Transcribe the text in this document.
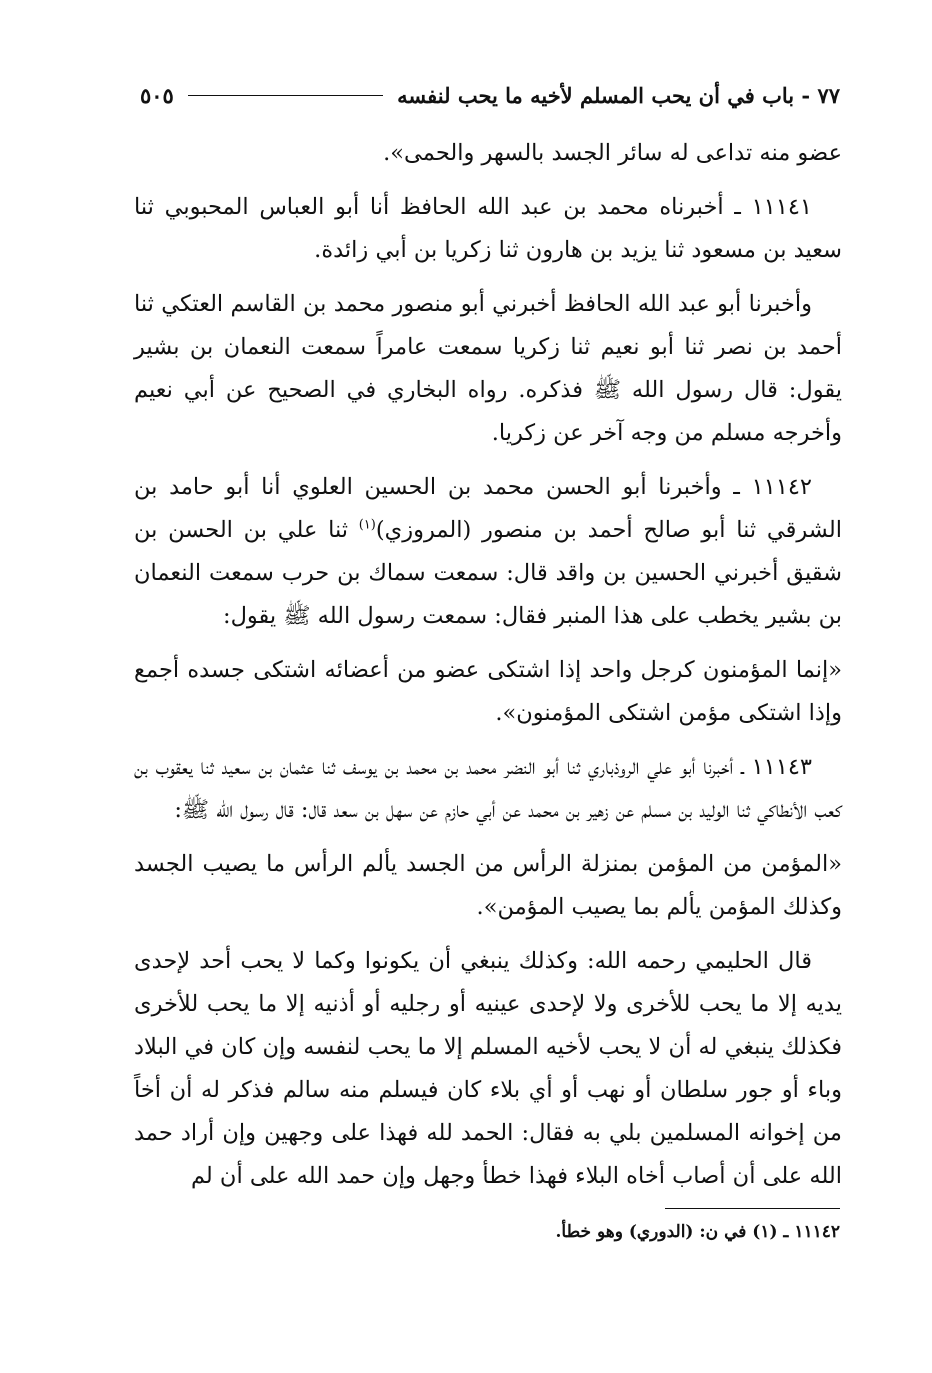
٧٧ - باب في أن يحب المسلم لأخيه ما يحب لنفسه
٥٠٥

عضو منه تداعى له سائر الجسد بالسهر والحمى».

١١١٤١ ـ أخبرناه محمد بن عبد الله الحافظ أنا أبو العباس المحبوبي ثنا سعيد بن مسعود ثنا يزيد بن هارون ثنا زكريا بن أبي زائدة.

وأخبرنا أبو عبد الله الحافظ أخبرني أبو منصور محمد بن القاسم العتكي ثنا أحمد بن نصر ثنا أبو نعيم ثنا زكريا سمعت عامراً سمعت النعمان بن بشير يقول: قال رسول الله ﷺ فذكره. رواه البخاري في الصحيح عن أبي نعيم وأخرجه مسلم من وجه آخر عن زكريا.

١١١٤٢ ـ وأخبرنا أبو الحسن محمد بن الحسين العلوي أنا أبو حامد بن الشرقي ثنا أبو صالح أحمد بن منصور (المروزي)$^{(١)}$ ثنا علي بن الحسن بن شقيق أخبرني الحسين بن واقد قال: سمعت سماك بن حرب سمعت النعمان بن بشير يخطب على هذا المنبر فقال: سمعت رسول الله ﷺ يقول:

«إنما المؤمنون كرجل واحد إذا اشتكى عضو من أعضائه اشتكى جسده أجمع وإذا اشتكى مؤمن اشتكى المؤمنون».

١١١٤٣ ـ أخبرنا أبو علي الروذباري ثنا أبو النضر محمد بن محمد بن يوسف ثنا عثمان بن سعيد ثنا يعقوب بن كعب الأنطاكي ثنا الوليد بن مسلم عن زهير بن محمد عن أبي حازم عن سهل بن سعد قال: قال رسول الله ﷺ:

«المؤمن من المؤمن بمنزلة الرأس من الجسد يألم الرأس ما يصيب الجسد وكذلك المؤمن يألم بما يصيب المؤمن».

قال الحليمي رحمه الله: وكذلك ينبغي أن يكونوا وكما لا يحب أحد لإحدى يديه إلا ما يحب للأخرى ولا لإحدى عينيه أو رجليه أو أذنيه إلا ما يحب للأخرى فكذلك ينبغي له أن لا يحب لأخيه المسلم إلا ما يحب لنفسه وإن كان في البلاد وباء أو جور سلطان أو نهب أو أي بلاء كان فيسلم منه سالم فذكر له أن أخاً من إخوانه المسلمين بلي به فقال: الحمد لله فهذا على وجهين وإن أراد حمد الله على أن أصاب أخاه البلاء فهذا خطأ وجهل وإن حمد الله على أن لم

١١١٤٢ ـ (١) في ن: (الدوري) وهو خطأ.
